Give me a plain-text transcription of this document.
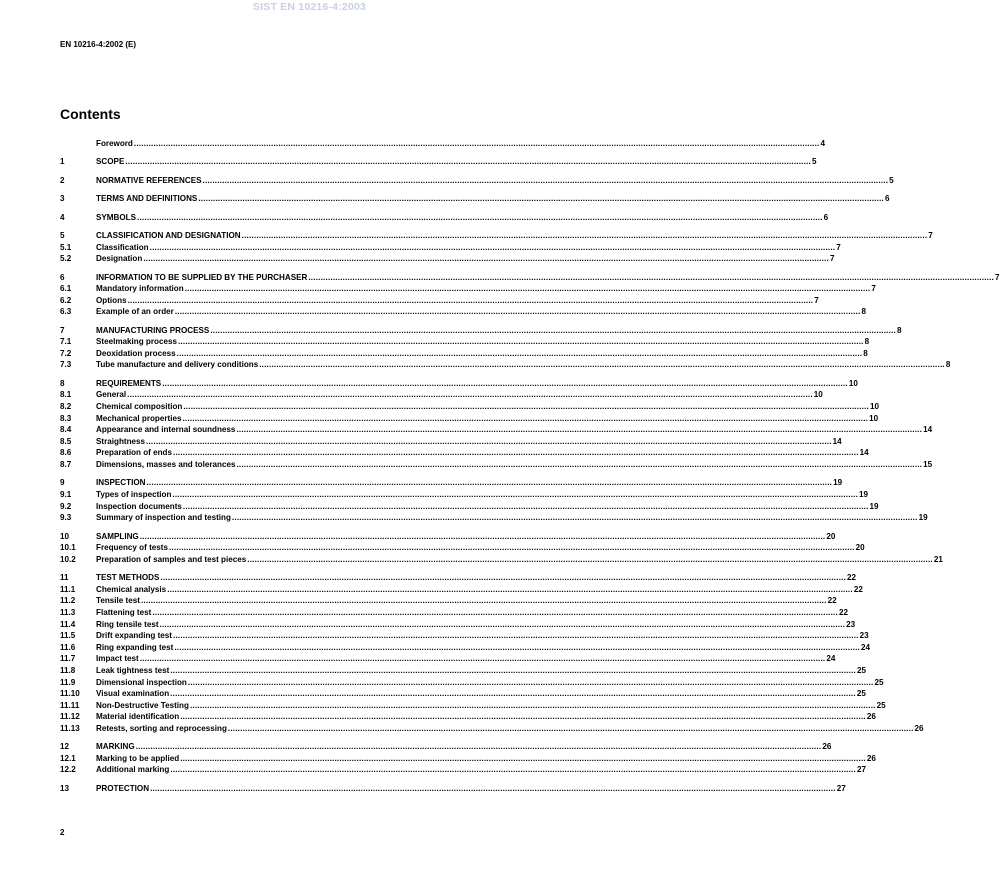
SIST EN 10216-4:2003
EN 10216-4:2002 (E)
Contents
Foreword .....	4
1	SCOPE .....	5
2	NORMATIVE REFERENCES .....	5
3	TERMS AND DEFINITIONS .....	6
4	SYMBOLS .....	6
5	CLASSIFICATION AND DESIGNATION .....	7
5.1	Classification .....	7
5.2	Designation .....	7
6	INFORMATION TO BE SUPPLIED BY THE PURCHASER .....	7
6.1	Mandatory information .....	7
6.2	Options .....	7
6.3	Example of an order .....	8
7	MANUFACTURING PROCESS .....	8
7.1	Steelmaking process .....	8
7.2	Deoxidation process .....	8
7.3	Tube manufacture and delivery conditions .....	8
8	REQUIREMENTS .....	10
8.1	General .....	10
8.2	Chemical composition .....	10
8.3	Mechanical properties .....	10
8.4	Appearance and internal soundness .....	14
8.5	Straightness .....	14
8.6	Preparation of ends .....	14
8.7	Dimensions, masses and tolerances .....	15
9	INSPECTION .....	19
9.1	Types of inspection .....	19
9.2	Inspection documents .....	19
9.3	Summary of inspection and testing .....	19
10	SAMPLING .....	20
10.1	Frequency of tests .....	20
10.2	Preparation of samples and test pieces .....	21
11	TEST METHODS .....	22
11.1	Chemical analysis .....	22
11.2	Tensile test .....	22
11.3	Flattening test .....	22
11.4	Ring tensile test .....	23
11.5	Drift expanding test .....	23
11.6	Ring expanding test .....	24
11.7	Impact test .....	24
11.8	Leak tightness test .....	25
11.9	Dimensional inspection .....	25
11.10	Visual examination .....	25
11.11	Non-Destructive Testing .....	25
11.12	Material identification .....	26
11.13	Retests, sorting and reprocessing .....	26
12	MARKING .....	26
12.1	Marking to be applied .....	26
12.2	Additional marking .....	27
13	PROTECTION .....	27
2
